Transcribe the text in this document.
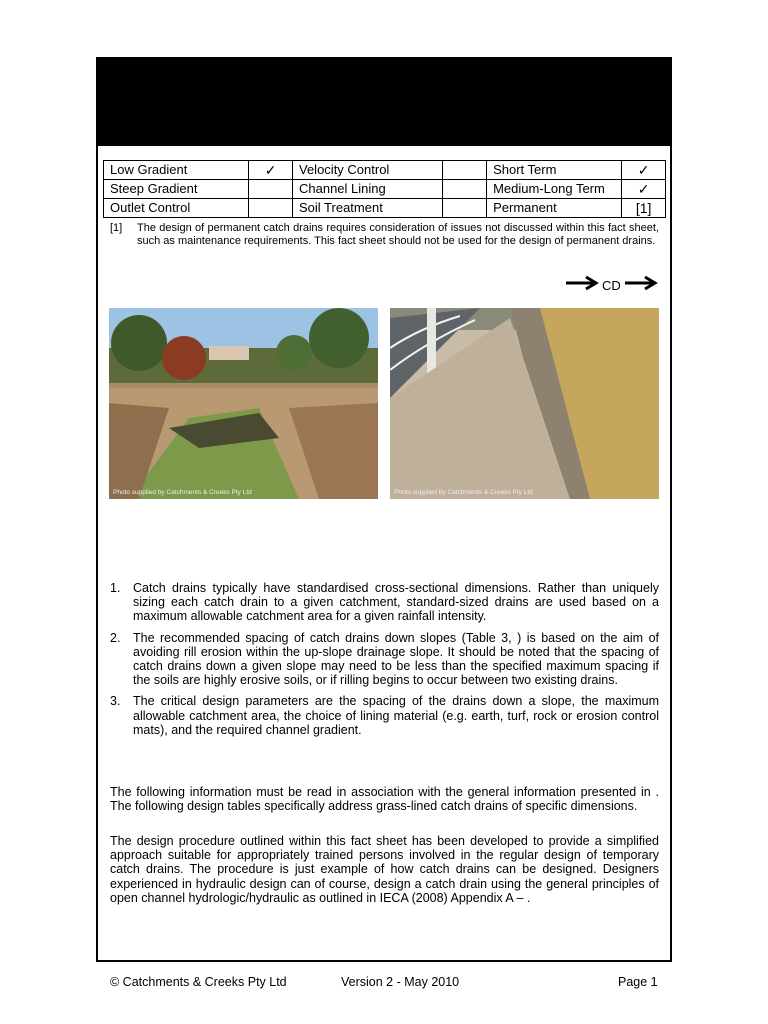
Low Gradient	✓	Velocity Control		Short Term	✓
Steep Gradient		Channel Lining		Medium-Long Term	✓
Outlet Control		Soil Treatment		Permanent	[1]
[1] The design of permanent catch drains requires consideration of issues not discussed within this fact sheet, such as maintenance requirements. This fact sheet should not be used for the design of permanent drains.
CD
Photo supplied by Catchments & Creeks Pty Ltd	Photo supplied by Catchments & Creeks Pty Ltd
1. Catch drains typically have standardised cross-sectional dimensions. Rather than uniquely sizing each catch drain to a given catchment, standard-sized drains are used based on a maximum allowable catchment area for a given rainfall intensity.
2. The recommended spacing of catch drains down slopes (Table 3, ) is based on the aim of avoiding rill erosion within the up-slope drainage slope. It should be noted that the spacing of catch drains down a given slope may need to be less than the specified maximum spacing if the soils are highly erosive soils, or if rilling begins to occur between two existing drains.
3. The critical design parameters are the spacing of the drains down a slope, the maximum allowable catchment area, the choice of lining material (e.g. earth, turf, rock or erosion control mats), and the required channel gradient.
The following information must be read in association with the general information presented in . The following design tables specifically address grass-lined catch drains of specific dimensions.
The design procedure outlined within this fact sheet has been developed to provide a simplified approach suitable for appropriately trained persons involved in the regular design of temporary catch drains. The procedure is just example of how catch drains can be designed. Designers experienced in hydraulic design can of course, design a catch drain using the general principles of open channel hydrologic/hydraulic as outlined in IECA (2008) Appendix A – .
© Catchments & Creeks Pty Ltd	Version 2 - May 2010	Page 1
